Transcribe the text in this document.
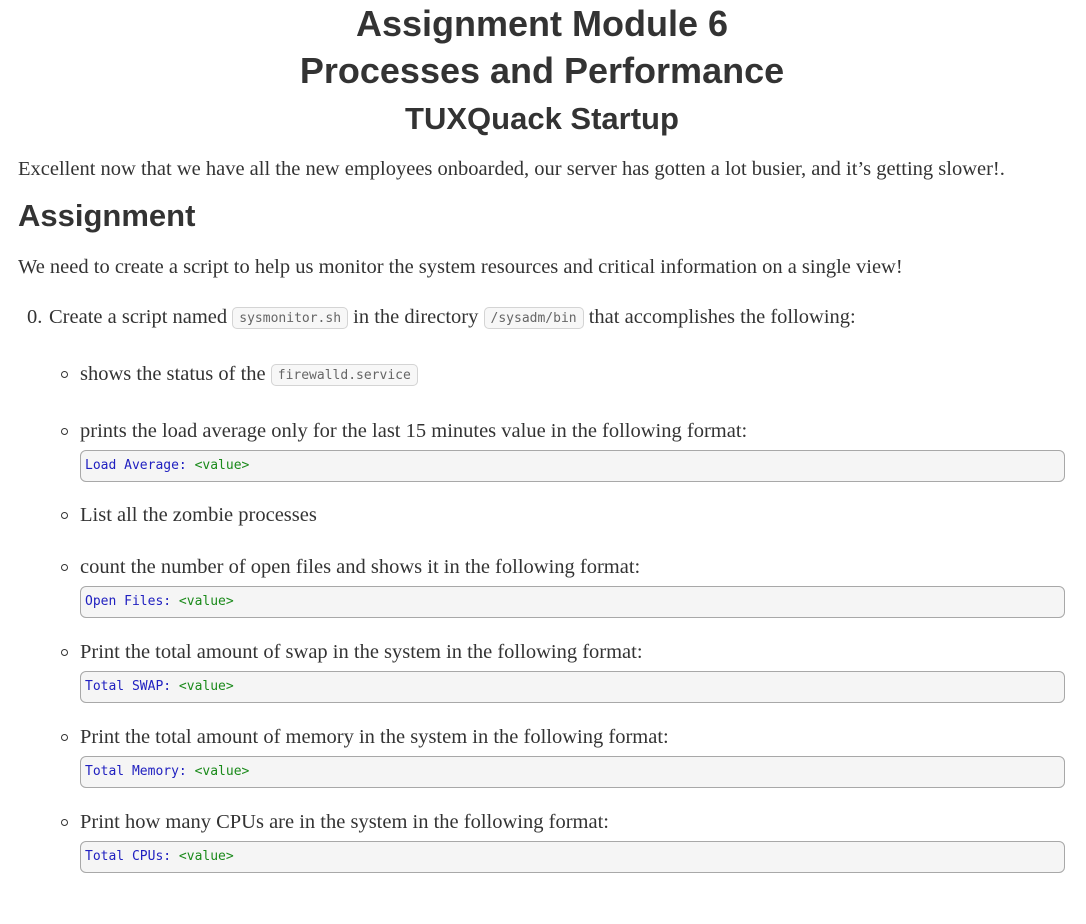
Assignment Module 6
Processes and Performance
TUXQuack Startup

Excellent now that we have all the new employees onboarded, our server has gotten a lot busier, and it’s getting slower!.

Assignment

We need to create a script to help us monitor the system resources and critical information on a single view!

0. Create a script named sysmonitor.sh in the directory /sysadm/bin that accomplishes the following:
shows the status of the firewalld.service
prints the load average only for the last 15 minutes value in the following format:
Load Average: <value>
List all the zombie processes
count the number of open files and shows it in the following format:
Open Files: <value>
Print the total amount of swap in the system in the following format:
Total SWAP: <value>
Print the total amount of memory in the system in the following format:
Total Memory: <value>
Print how many CPUs are in the system in the following format:
Total CPUs: <value>
